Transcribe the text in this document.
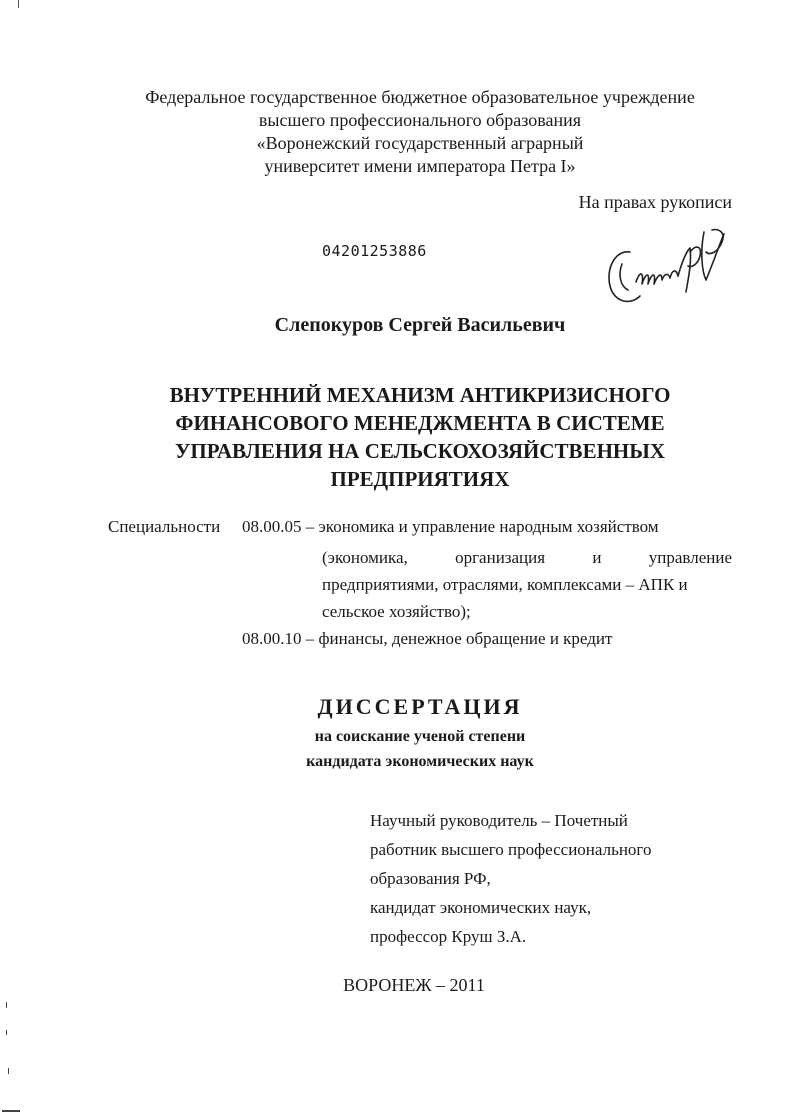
Федеральное государственное бюджетное образовательное учреждение
высшего профессионального образования
«Воронежский государственный аграрный
университет имени императора Петра I»
На правах рукописи
04201253886
Слепокуров Сергей Васильевич
ВНУТРЕННИЙ МЕХАНИЗМ АНТИКРИЗИСНОГО
ФИНАНСОВОГО МЕНЕДЖМЕНТА В СИСТЕМЕ
УПРАВЛЕНИЯ НА СЕЛЬСКОХОЗЯЙСТВЕННЫХ
ПРЕДПРИЯТИЯХ
Специальности 08.00.05 – экономика и управление народным хозяйством
(экономика,	организация	и	управление
предприятиями, отраслями, комплексами – АПК и
сельское хозяйство);
08.00.10 – финансы, денежное обращение и кредит
ДИССЕРТАЦИЯ
на соискание ученой степени
кандидата экономических наук
Научный руководитель – Почетный
работник высшего профессионального
образования РФ,
кандидат экономических наук,
профессор Круш З.А.
ВОРОНЕЖ – 2011
